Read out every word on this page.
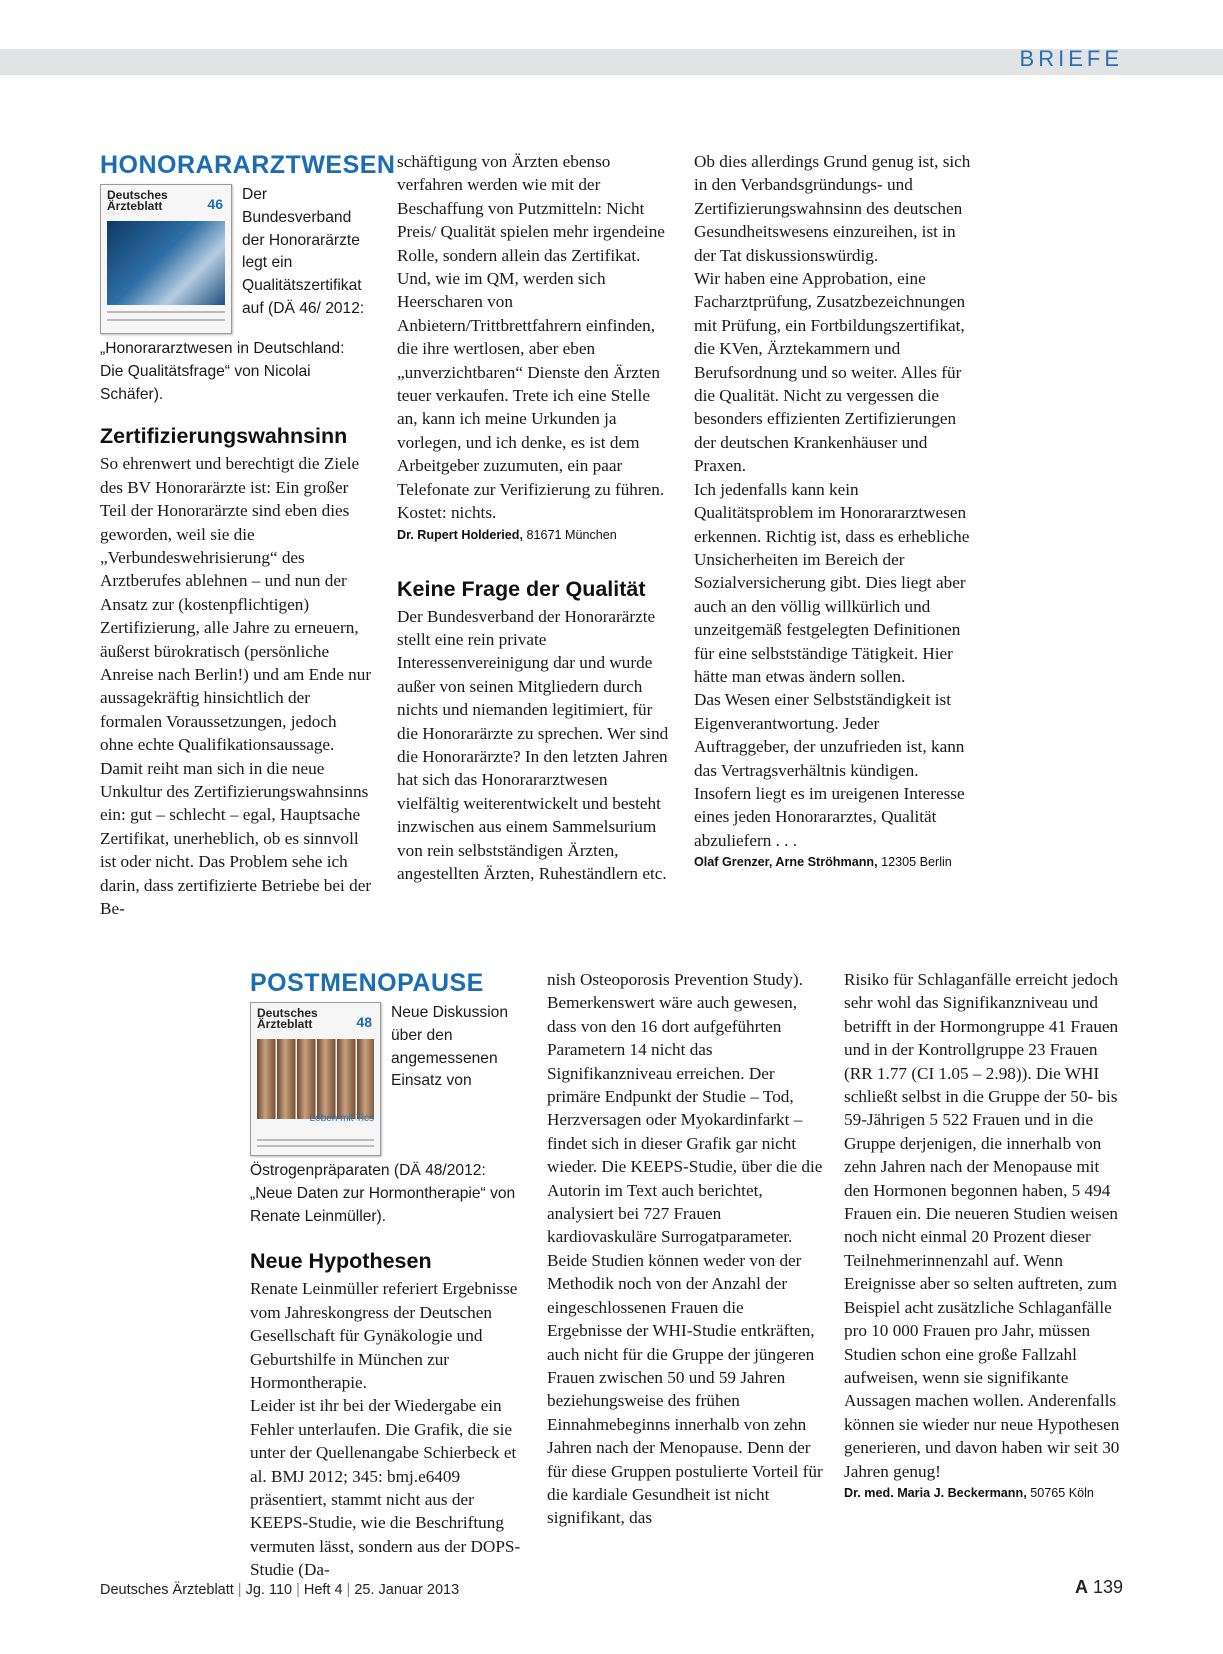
BRIEFE
HONORARARZTWESEN
Deutsches Ärzteblatt	46
Der Bundesverband der Honorarärzte legt ein Qualitätszertifikat auf (DÄ 46/ 2012: „Honorararztwesen in Deutschland: Die Qualitätsfrage“ von Nicolai Schäfer).
Zertifizierungswahnsinn

So ehrenwert und berechtigt die Ziele des BV Honorarärzte ist: Ein großer Teil der Honorarärzte sind eben dies geworden, weil sie die „Verbundeswehrisierung“ des Arztberufes ablehnen – und nun der Ansatz zur (kostenpflichtigen) Zertifizierung, alle Jahre zu erneuern, äußerst bürokratisch (persönliche Anreise nach Berlin!) und am Ende nur aussagekräftig hinsichtlich der formalen Voraussetzungen, jedoch ohne echte Qualifikationsaussage. Damit reiht man sich in die neue Unkultur des Zertifizierungswahnsinns ein: gut – schlecht – egal, Hauptsache Zertifikat, unerheblich, ob es sinnvoll ist oder nicht. Das Problem sehe ich darin, dass zertifizierte Betriebe bei der Be-

schäftigung von Ärzten ebenso verfahren werden wie mit der Beschaffung von Putzmitteln: Nicht Preis/ Qualität spielen mehr irgendeine Rolle, sondern allein das Zertifikat. Und, wie im QM, werden sich Heerscharen von Anbietern/Trittbrettfahrern einfinden, die ihre wertlosen, aber eben „unverzichtbaren“ Dienste den Ärzten teuer verkaufen. Trete ich eine Stelle an, kann ich meine Urkunden ja vorlegen, und ich denke, es ist dem Arbeitgeber zuzumuten, ein paar Telefonate zur Verifizierung zu führen. Kostet: nichts.

Dr. Rupert Holderied, 81671 München
Keine Frage der Qualität

Der Bundesverband der Honorarärzte stellt eine rein private Interessenvereinigung dar und wurde außer von seinen Mitgliedern durch nichts und niemanden legitimiert, für die Honorarärzte zu sprechen. Wer sind die Honorarärzte? In den letzten Jahren hat sich das Honorararztwesen vielfältig weiterentwickelt und besteht inzwischen aus einem Sammelsurium von rein selbstständigen Ärzten, angestellten Ärzten, Ruheständlern etc.

Ob dies allerdings Grund genug ist, sich in den Verbandsgründungs- und Zertifizierungswahnsinn des deutschen Gesundheitswesens einzureihen, ist in der Tat diskussionswürdig.

Wir haben eine Approbation, eine Facharztprüfung, Zusatzbezeichnungen mit Prüfung, ein Fortbildungszertifikat, die KVen, Ärztekammern und Berufsordnung und so weiter. Alles für die Qualität. Nicht zu vergessen die besonders effizienten Zertifizierungen der deutschen Krankenhäuser und Praxen.

Ich jedenfalls kann kein Qualitätsproblem im Honorararztwesen erkennen. Richtig ist, dass es erhebliche Unsicherheiten im Bereich der Sozialversicherung gibt. Dies liegt aber auch an den völlig willkürlich und unzeitgemäß festgelegten Definitionen für eine selbstständige Tätigkeit. Hier hätte man etwas ändern sollen.

Das Wesen einer Selbstständigkeit ist Eigenverantwortung. Jeder Auftraggeber, der unzufrieden ist, kann das Vertragsverhältnis kündigen. Insofern liegt es im ureigenen Interesse eines jeden Honorararztes, Qualität abzuliefern . . .

Olaf Grenzer, Arne Ströhmann, 12305 Berlin
POSTMENOPAUSE
Deutsches Ärzteblatt	48
Leben mit Tics
Neue Diskussion über den angemessenen Einsatz von Östrogenpräparaten (DÄ 48/2012: „Neue Daten zur Hormontherapie“ von Renate Leinmüller).
Neue Hypothesen

Renate Leinmüller referiert Ergebnisse vom Jahreskongress der Deutschen Gesellschaft für Gynäkologie und Geburtshilfe in München zur Hormontherapie.

Leider ist ihr bei der Wiedergabe ein Fehler unterlaufen. Die Grafik, die sie unter der Quellenangabe Schierbeck et al. BMJ 2012; 345: bmj.e6409 präsentiert, stammt nicht aus der KEEPS-Studie, wie die Beschriftung vermuten lässt, sondern aus der DOPS-Studie (Da-

nish Osteoporosis Prevention Study). Bemerkenswert wäre auch gewesen, dass von den 16 dort aufgeführten Parametern 14 nicht das Signifikanzniveau erreichen. Der primäre Endpunkt der Studie – Tod, Herzversagen oder Myokardinfarkt – findet sich in dieser Grafik gar nicht wieder. Die KEEPS-Studie, über die die Autorin im Text auch berichtet, analysiert bei 727 Frauen kardiovaskuläre Surrogatparameter.

Beide Studien können weder von der Methodik noch von der Anzahl der eingeschlossenen Frauen die Ergebnisse der WHI-Studie entkräften, auch nicht für die Gruppe der jüngeren Frauen zwischen 50 und 59 Jahren beziehungsweise des frühen Einnahmebeginns innerhalb von zehn Jahren nach der Menopause. Denn der für diese Gruppen postulierte Vorteil für die kardiale Gesundheit ist nicht signifikant, das

Risiko für Schlaganfälle erreicht jedoch sehr wohl das Signifikanzniveau und betrifft in der Hormongruppe 41 Frauen und in der Kontrollgruppe 23 Frauen (RR 1.77 (CI 1.05 – 2.98)). Die WHI schließt selbst in die Gruppe der 50- bis 59-Jährigen 5 522 Frauen und in die Gruppe derjenigen, die innerhalb von zehn Jahren nach der Menopause mit den Hormonen begonnen haben, 5 494 Frauen ein. Die neueren Studien weisen noch nicht einmal 20 Prozent dieser Teilnehmerinnenzahl auf. Wenn Ereignisse aber so selten auftreten, zum Beispiel acht zusätzliche Schlaganfälle pro 10 000 Frauen pro Jahr, müssen Studien schon eine große Fallzahl aufweisen, wenn sie signifikante Aussagen machen wollen. Anderenfalls können sie wieder nur neue Hypothesen generieren, und davon haben wir seit 30 Jahren genug!

Dr. med. Maria J. Beckermann, 50765 Köln
Deutsches Ärzteblatt | Jg. 110 | Heft 4 | 25. Januar 2013	A 139
